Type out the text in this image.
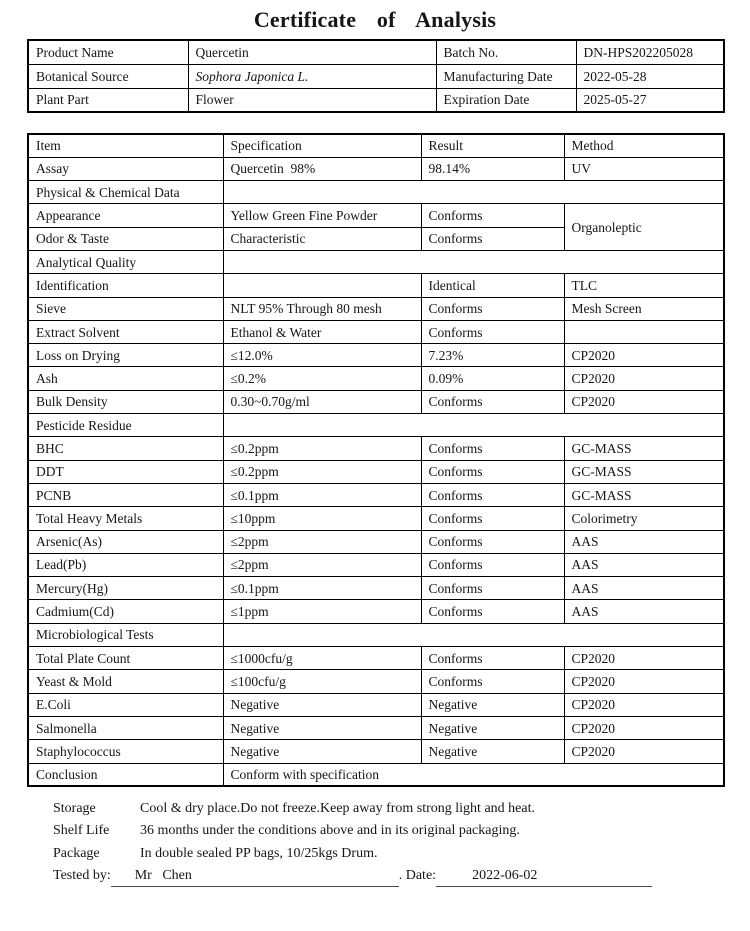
Certificate of Analysis
Product Name	Quercetin	Batch No.	DN-HPS202205028
Botanical Source	Sophora Japonica L.	Manufacturing Date	2022-05-28
Plant Part	Flower	Expiration Date	2025-05-27
Item	Specification	Result	Method
Assay	Quercetin  98%	98.14%	UV
Physical & Chemical Data			
Appearance	Yellow Green Fine Powder	Conforms	Organoleptic
Odor & Taste	Characteristic	Conforms	
Analytical Quality			
Identification		Identical	TLC
Sieve	NLT 95% Through 80 mesh	Conforms	Mesh Screen
Extract Solvent	Ethanol & Water	Conforms	
Loss on Drying	≤12.0%	7.23%	CP2020
Ash	≤0.2%	0.09%	CP2020
Bulk Density	0.30~0.70g/ml	Conforms	CP2020
Pesticide Residue			
BHC	≤0.2ppm	Conforms	GC-MASS
DDT	≤0.2ppm	Conforms	GC-MASS
PCNB	≤0.1ppm	Conforms	GC-MASS
Total Heavy Metals	≤10ppm	Conforms	Colorimetry
Arsenic(As)	≤2ppm	Conforms	AAS
Lead(Pb)	≤2ppm	Conforms	AAS
Mercury(Hg)	≤0.1ppm	Conforms	AAS
Cadmium(Cd)	≤1ppm	Conforms	AAS
Microbiological Tests			
Total Plate Count	≤1000cfu/g	Conforms	CP2020
Yeast & Mold	≤100cfu/g	Conforms	CP2020
E.Coli	Negative	Negative	CP2020
Salmonella	Negative	Negative	CP2020
Staphylococcus	Negative	Negative	CP2020
Conclusion	Conform with specification		
Storage	Cool & dry place.Do not freeze.Keep away from strong light and heat.
Shelf Life	36 months under the conditions above and in its original packaging.
Package	In double sealed PP bags, 10/25kgs Drum.
Tested by: Mr   Chen	. Date:	2022-06-02
